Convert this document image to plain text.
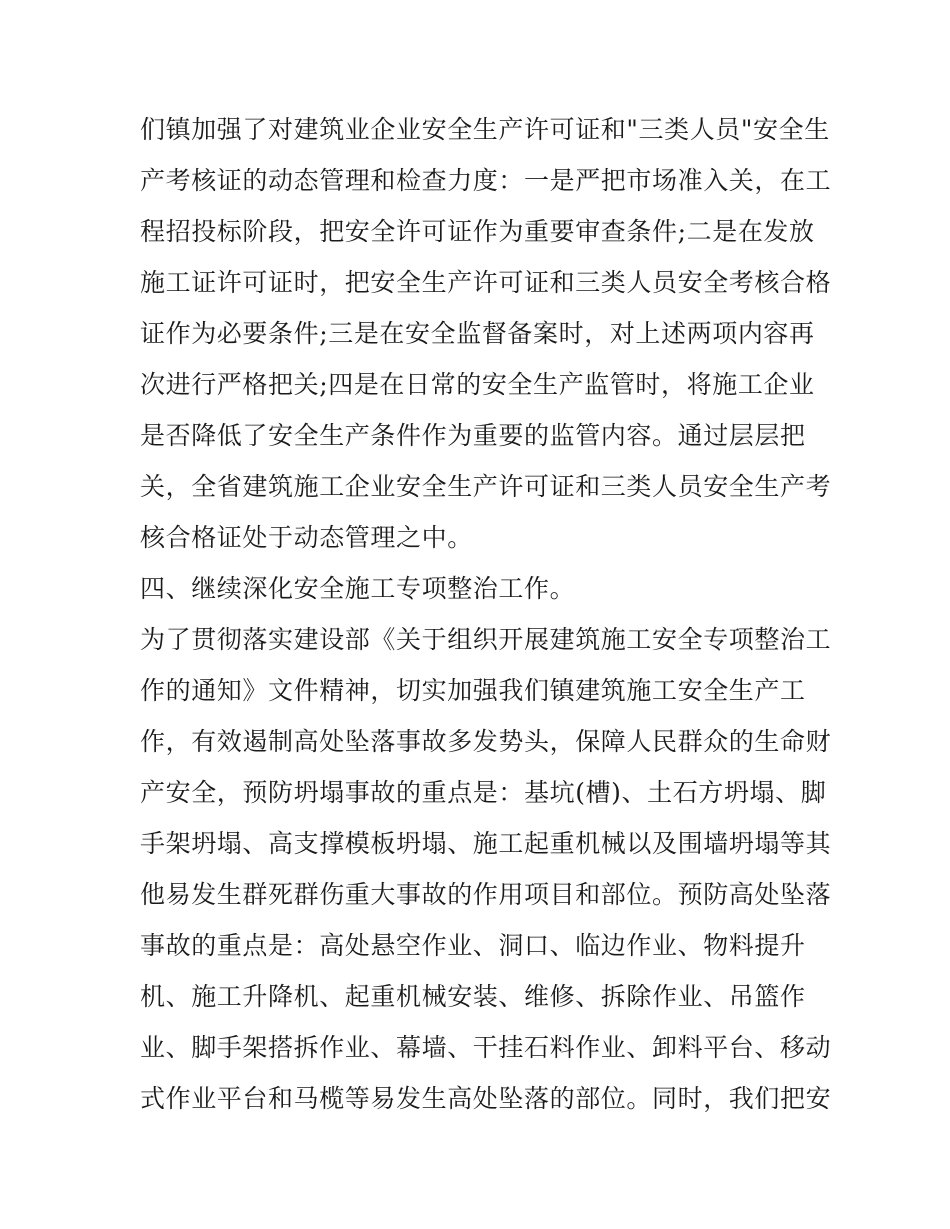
们镇加强了对建筑业企业安全生产许可证和"三类人员"安全生
产考核证的动态管理和检查力度：一是严把市场准入关，在工
程招投标阶段，把安全许可证作为重要审查条件;二是在发放
施工证许可证时，把安全生产许可证和三类人员安全考核合格
证作为必要条件;三是在安全监督备案时，对上述两项内容再
次进行严格把关;四是在日常的安全生产监管时，将施工企业
是否降低了安全生产条件作为重要的监管内容。通过层层把
关，全省建筑施工企业安全生产许可证和三类人员安全生产考
核合格证处于动态管理之中。
四、继续深化安全施工专项整治工作。
为了贯彻落实建设部《关于组织开展建筑施工安全专项整治工
作的通知》文件精神，切实加强我们镇建筑施工安全生产工
作，有效遏制高处坠落事故多发势头，保障人民群众的生命财
产安全，预防坍塌事故的重点是：基坑(槽)、土石方坍塌、脚
手架坍塌、高支撑模板坍塌、施工起重机械以及围墙坍塌等其
他易发生群死群伤重大事故的作用项目和部位。预防高处坠落
事故的重点是：高处悬空作业、洞口、临边作业、物料提升
机、施工升降机、起重机械安装、维修、拆除作业、吊篮作
业、脚手架搭拆作业、幕墙、干挂石料作业、卸料平台、移动
式作业平台和马榄等易发生高处坠落的部位。同时，我们把安
